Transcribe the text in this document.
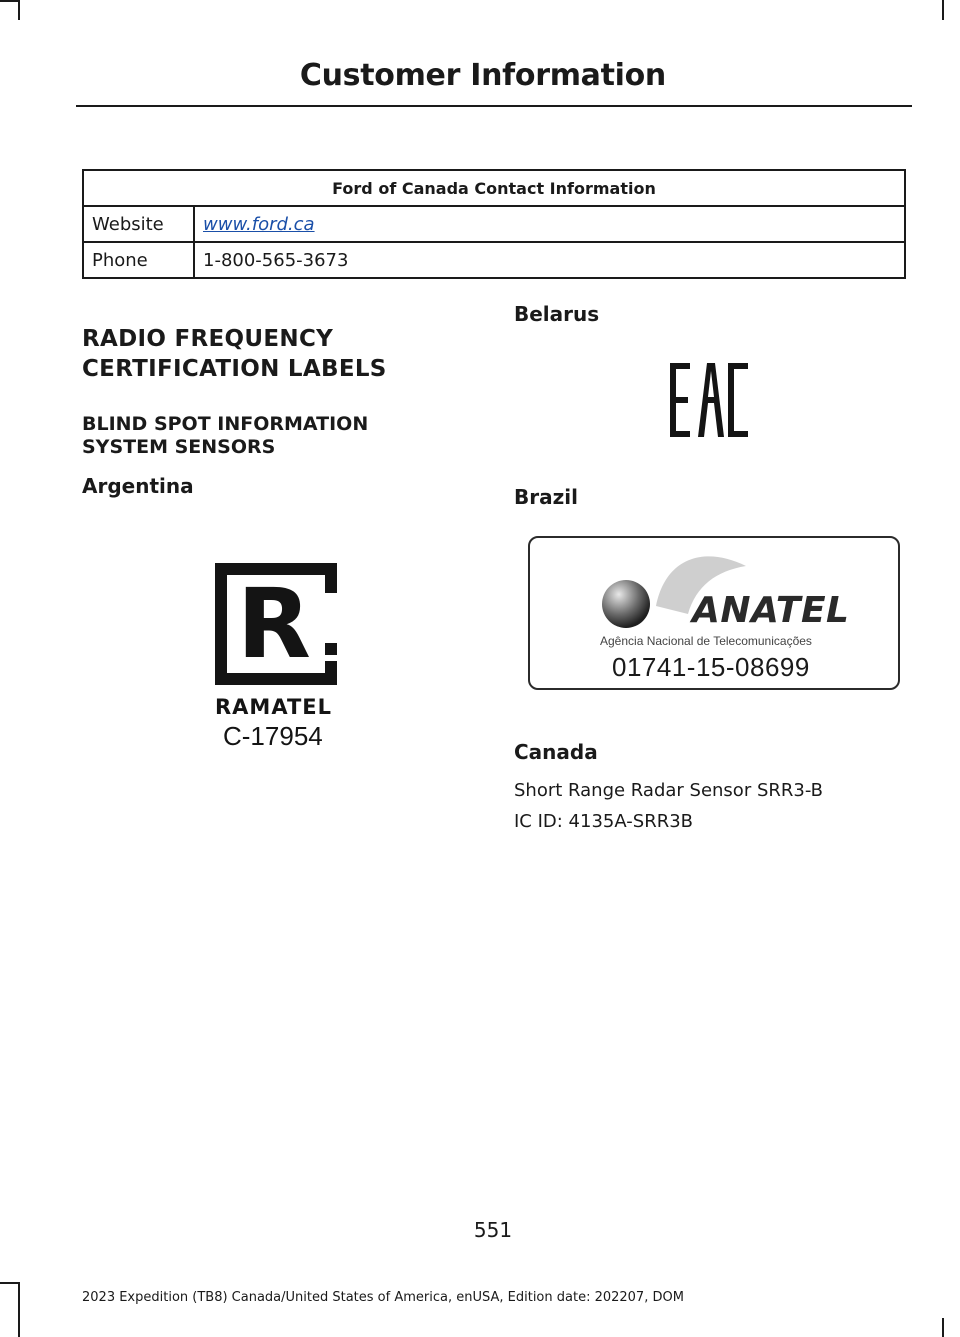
Customer Information
Ford of Canada Contact Information	
Website	www.ford.ca
Phone	1-800-565-3673
RADIO FREQUENCY
CERTIFICATION LABELS
BLIND SPOT INFORMATION
SYSTEM SENSORS
Argentina
R
RAMATEL
C-17954
Belarus
Brazil
ANATEL
Agência Nacional de Telecomunicações
01741-15-08699
Canada
Short Range Radar Sensor SRR3-B
IC ID: 4135A-SRR3B
551
2023 Expedition (TB8) Canada/United States of America, enUSA, Edition date: 202207, DOM
